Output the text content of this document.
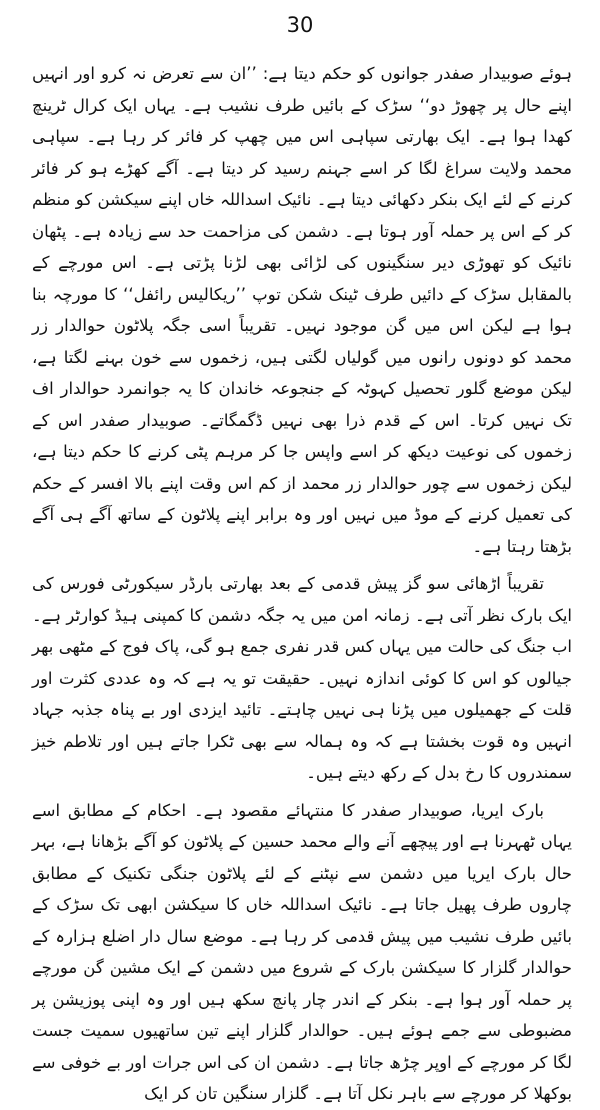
30

ہوئے صوبیدار صفدر جوانوں کو حکم دیتا ہے: ’’ان سے تعرض نہ کرو اور انہیں اپنے حال پر چھوڑ دو‘‘ سڑک کے بائیں طرف نشیب ہے۔ یہاں ایک کرال ٹرینچ کھدا ہوا ہے۔ ایک بھارتی سپاہی اس میں چھپ کر فائر کر رہا ہے۔ سپاہی محمد ولایت سراغ لگا کر اسے جہنم رسید کر دیتا ہے۔ آگے کھڑے ہو کر فائر کرنے کے لئے ایک بنکر دکھائی دیتا ہے۔ نائیک اسداللہ خاں اپنے سیکشن کو منظم کر کے اس پر حملہ آور ہوتا ہے۔ دشمن کی مزاحمت حد سے زیادہ ہے۔ پٹھان نائیک کو تھوڑی دیر سنگینوں کی لڑائی بھی لڑنا پڑتی ہے۔ اس مورچے کے بالمقابل سڑک کے دائیں طرف ٹینک شکن توپ ’’ریکالیس رائفل‘‘ کا مورچہ بنا ہوا ہے لیکن اس میں گن موجود نہیں۔ تقریباً اسی جگہ پلاٹون حوالدار زر محمد کو دونوں رانوں میں گولیاں لگتی ہیں، زخموں سے خون بہنے لگتا ہے، لیکن موضع گلور تحصیل کہوٹہ کے جنجوعہ خاندان کا یہ جوانمرد حوالدار اف تک نہیں کرتا۔ اس کے قدم ذرا بھی نہیں ڈگمگاتے۔ صوبیدار صفدر اس کے زخموں کی نوعیت دیکھ کر اسے واپس جا کر مرہم پٹی کرنے کا حکم دیتا ہے، لیکن زخموں سے چور حوالدار زر محمد از کم اس وقت اپنے بالا افسر کے حکم کی تعمیل کرنے کے موڈ میں نہیں اور وہ برابر اپنے پلاٹون کے ساتھ آگے ہی آگے بڑھتا رہتا ہے۔

تقریباً اڑھائی سو گز پیش قدمی کے بعد بھارتی بارڈر سیکورٹی فورس کی ایک بارک نظر آتی ہے۔ زمانہ امن میں یہ جگہ دشمن کا کمپنی ہیڈ کوارٹر ہے۔ اب جنگ کی حالت میں یہاں کس قدر نفری جمع ہو گی، پاک فوج کے مٹھی بھر جیالوں کو اس کا کوئی اندازہ نہیں۔ حقیقت تو یہ ہے کہ وہ عددی کثرت اور قلت کے جھمیلوں میں پڑنا ہی نہیں چاہتے۔ تائید ایزدی اور بے پناہ جذبہ جہاد انہیں وہ قوت بخشتا ہے کہ وہ ہمالہ سے بھی ٹکرا جاتے ہیں اور تلاطم خیز سمندروں کا رخ بدل کے رکھ دیتے ہیں۔

بارک ایریا، صوبیدار صفدر کا منتہائے مقصود ہے۔ احکام کے مطابق اسے یہاں ٹھہرنا ہے اور پیچھے آنے والے محمد حسین کے پلاٹون کو آگے بڑھانا ہے، بہر حال بارک ایریا میں دشمن سے نپٹنے کے لئے پلاٹون جنگی تکنیک کے مطابق چاروں طرف پھیل جاتا ہے۔ نائیک اسداللہ خاں کا سیکشن ابھی تک سڑک کے بائیں طرف نشیب میں پیش قدمی کر رہا ہے۔ موضع سال دار اضلع ہزارہ کے حوالدار گلزار کا سیکشن بارک کے شروع میں دشمن کے ایک مشین گن مورچے پر حملہ آور ہوا ہے۔ بنکر کے اندر چار پانچ سکھ ہیں اور وہ اپنی پوزیشن پر مضبوطی سے جمے ہوئے ہیں۔ حوالدار گلزار اپنے تین ساتھیوں سمیت جست لگا کر مورچے کے اوپر چڑھ جاتا ہے۔ دشمن ان کی اس جرات اور بے خوفی سے بوکھلا کر مورچے سے باہر نکل آتا ہے۔ گلزار سنگین تان کر ایک
